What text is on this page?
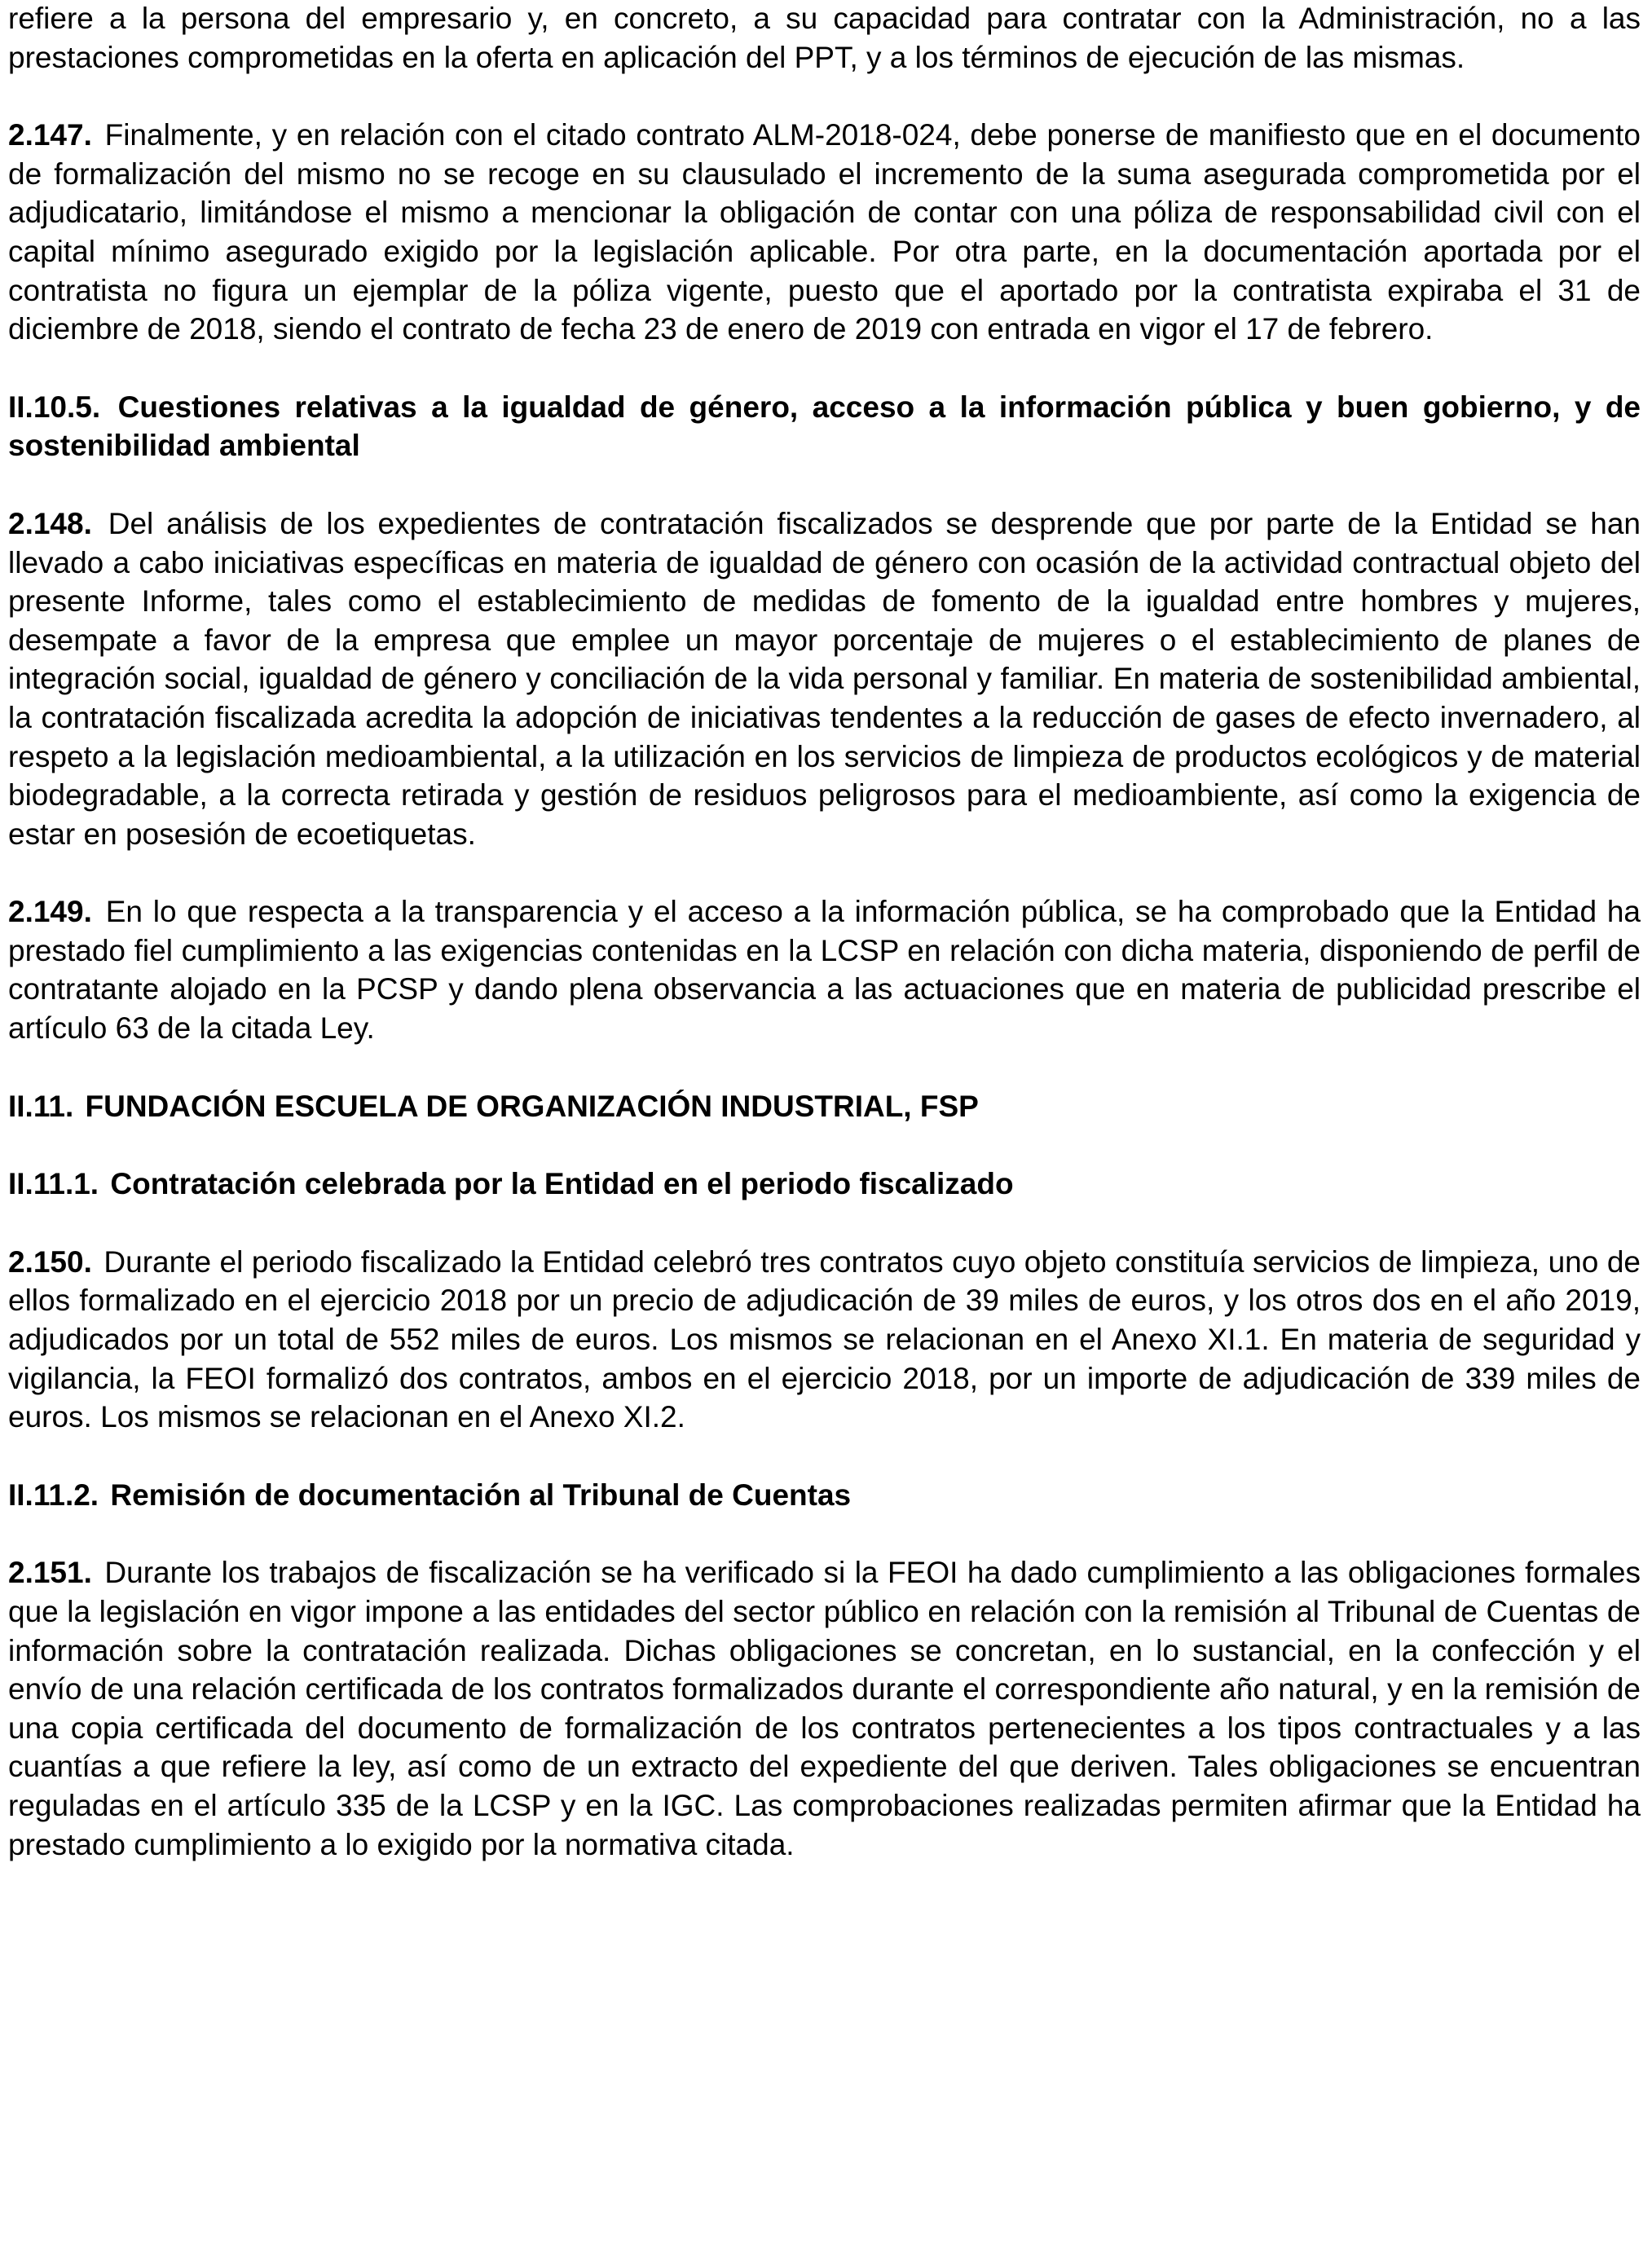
refiere a la persona del empresario y, en concreto, a su capacidad para contratar con la Administración, no a las prestaciones comprometidas en la oferta en aplicación del PPT, y a los términos de ejecución de las mismas.

2.147. Finalmente, y en relación con el citado contrato ALM-2018-024, debe ponerse de manifiesto que en el documento de formalización del mismo no se recoge en su clausulado el incremento de la suma asegurada comprometida por el adjudicatario, limitándose el mismo a mencionar la obligación de contar con una póliza de responsabilidad civil con el capital mínimo asegurado exigido por la legislación aplicable. Por otra parte, en la documentación aportada por el contratista no figura un ejemplar de la póliza vigente, puesto que el aportado por la contratista expiraba el 31 de diciembre de 2018, siendo el contrato de fecha 23 de enero de 2019 con entrada en vigor el 17 de febrero.

II.10.5. Cuestiones relativas a la igualdad de género, acceso a la información pública y buen gobierno, y de sostenibilidad ambiental

2.148. Del análisis de los expedientes de contratación fiscalizados se desprende que por parte de la Entidad se han llevado a cabo iniciativas específicas en materia de igualdad de género con ocasión de la actividad contractual objeto del presente Informe, tales como el establecimiento de medidas de fomento de la igualdad entre hombres y mujeres, desempate a favor de la empresa que emplee un mayor porcentaje de mujeres o el establecimiento de planes de integración social, igualdad de género y conciliación de la vida personal y familiar. En materia de sostenibilidad ambiental, la contratación fiscalizada acredita la adopción de iniciativas tendentes a la reducción de gases de efecto invernadero, al respeto a la legislación medioambiental, a la utilización en los servicios de limpieza de productos ecológicos y de material biodegradable, a la correcta retirada y gestión de residuos peligrosos para el medioambiente, así como la exigencia de estar en posesión de ecoetiquetas.

2.149. En lo que respecta a la transparencia y el acceso a la información pública, se ha comprobado que la Entidad ha prestado fiel cumplimiento a las exigencias contenidas en la LCSP en relación con dicha materia, disponiendo de perfil de contratante alojado en la PCSP y dando plena observancia a las actuaciones que en materia de publicidad prescribe el artículo 63 de la citada Ley.

II.11. FUNDACIÓN ESCUELA DE ORGANIZACIÓN INDUSTRIAL, FSP

II.11.1. Contratación celebrada por la Entidad en el periodo fiscalizado

2.150. Durante el periodo fiscalizado la Entidad celebró tres contratos cuyo objeto constituía servicios de limpieza, uno de ellos formalizado en el ejercicio 2018 por un precio de adjudicación de 39 miles de euros, y los otros dos en el año 2019, adjudicados por un total de 552 miles de euros. Los mismos se relacionan en el Anexo XI.1. En materia de seguridad y vigilancia, la FEOI formalizó dos contratos, ambos en el ejercicio 2018, por un importe de adjudicación de 339 miles de euros. Los mismos se relacionan en el Anexo XI.2.

II.11.2. Remisión de documentación al Tribunal de Cuentas

2.151. Durante los trabajos de fiscalización se ha verificado si la FEOI ha dado cumplimiento a las obligaciones formales que la legislación en vigor impone a las entidades del sector público en relación con la remisión al Tribunal de Cuentas de información sobre la contratación realizada. Dichas obligaciones se concretan, en lo sustancial, en la confección y el envío de una relación certificada de los contratos formalizados durante el correspondiente año natural, y en la remisión de una copia certificada del documento de formalización de los contratos pertenecientes a los tipos contractuales y a las cuantías a que refiere la ley, así como de un extracto del expediente del que deriven. Tales obligaciones se encuentran reguladas en el artículo 335 de la LCSP y en la IGC. Las comprobaciones realizadas permiten afirmar que la Entidad ha prestado cumplimiento a lo exigido por la normativa citada.
